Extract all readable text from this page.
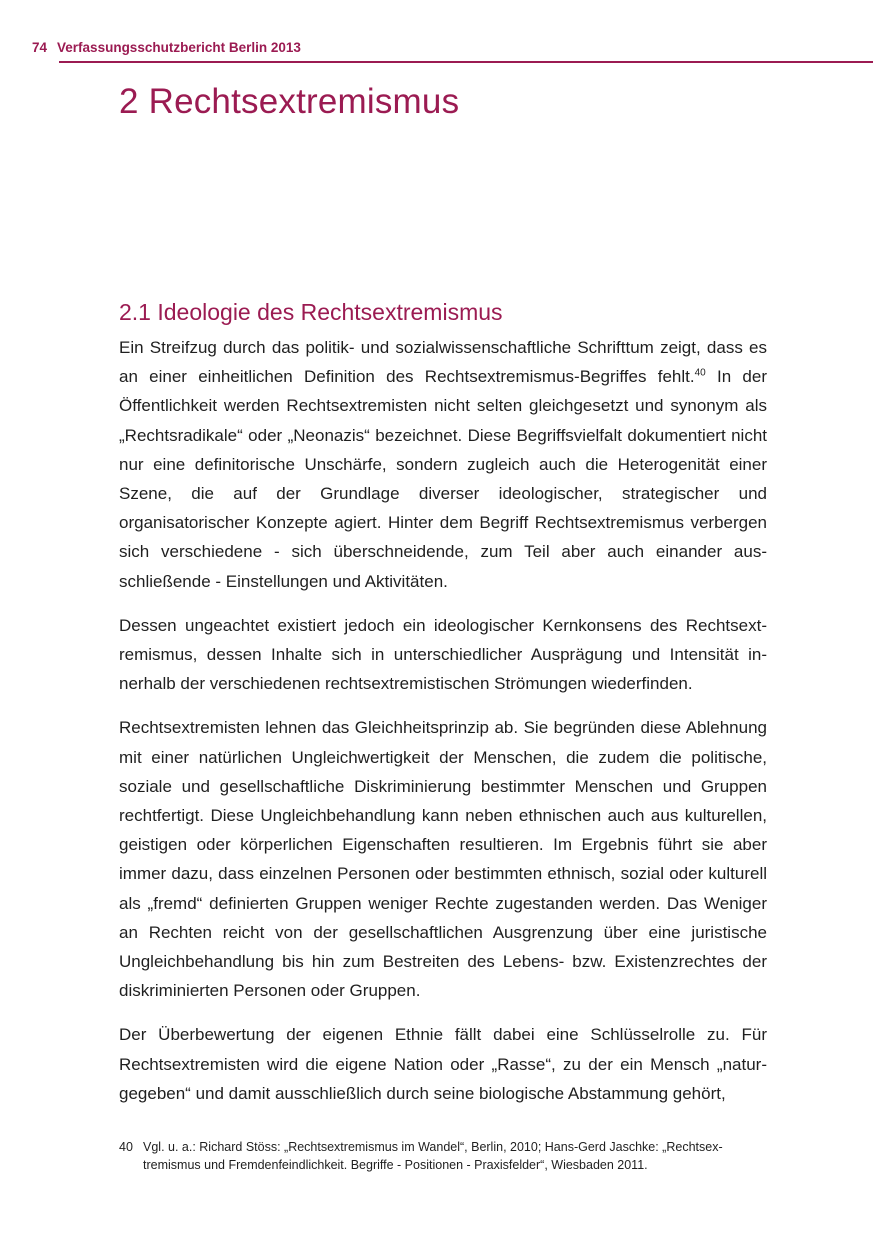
74 Verfassungsschutzbericht Berlin 2013
2 Rechtsextremismus
2.1 Ideologie des Rechtsextremismus

Ein Streifzug durch das politik- und sozialwissenschaftliche Schrifttum zeigt, dass es an einer einheitlichen Definition des Rechtsextremismus-Begriffes fehlt.$^{40}$ In der Öffentlichkeit werden Rechtsextremisten nicht selten gleichgesetzt und synonym als „Rechtsradikale“ oder „Neonazis“ bezeichnet. Diese Begriffsvielfalt dokumentiert nicht nur eine definitorische Unschärfe, sondern zugleich auch die Heterogenität einer Szene, die auf der Grundlage diverser ideologischer, strategischer und organisatorischer Konzepte agiert. Hinter dem Begriff Rechtsextremismus verbergen sich verschiedene - sich überschneidende, zum Teil aber auch einander ausschließende - Einstellungen und Aktivitäten.

Dessen ungeachtet existiert jedoch ein ideologischer Kernkonsens des Rechtsextremismus, dessen Inhalte sich in unterschiedlicher Ausprägung und Intensität innerhalb der verschiedenen rechtsextremistischen Strömungen wiederfinden.

Rechtsextremisten lehnen das Gleichheitsprinzip ab. Sie begründen diese Ablehnung mit einer natürlichen Ungleichwertigkeit der Menschen, die zudem die politische, soziale und gesellschaftliche Diskriminierung bestimmter Menschen und Gruppen rechtfertigt. Diese Ungleichbehandlung kann neben ethnischen auch aus kulturellen, geistigen oder körperlichen Eigenschaften resultieren. Im Ergebnis führt sie aber immer dazu, dass einzelnen Personen oder bestimmten ethnisch, sozial oder kulturell als „fremd“ definierten Gruppen weniger Rechte zugestanden werden. Das Weniger an Rechten reicht von der gesellschaftlichen Ausgrenzung über eine juristische Ungleichbehandlung bis hin zum Bestreiten des Lebens- bzw. Existenzrechtes der diskriminierten Personen oder Gruppen.

Der Überbewertung der eigenen Ethnie fällt dabei eine Schlüsselrolle zu. Für Rechtsextremisten wird die eigene Nation oder „Rasse“, zu der ein Mensch „naturgegeben“ und damit ausschließlich durch seine biologische Abstammung gehört,

40 Vgl. u. a.: Richard Stöss: „Rechtsextremismus im Wandel“, Berlin, 2010; Hans-Gerd Jaschke: „Rechtsextremismus und Fremdenfeindlichkeit. Begriffe - Positionen - Praxisfelder“, Wiesbaden 2011.
